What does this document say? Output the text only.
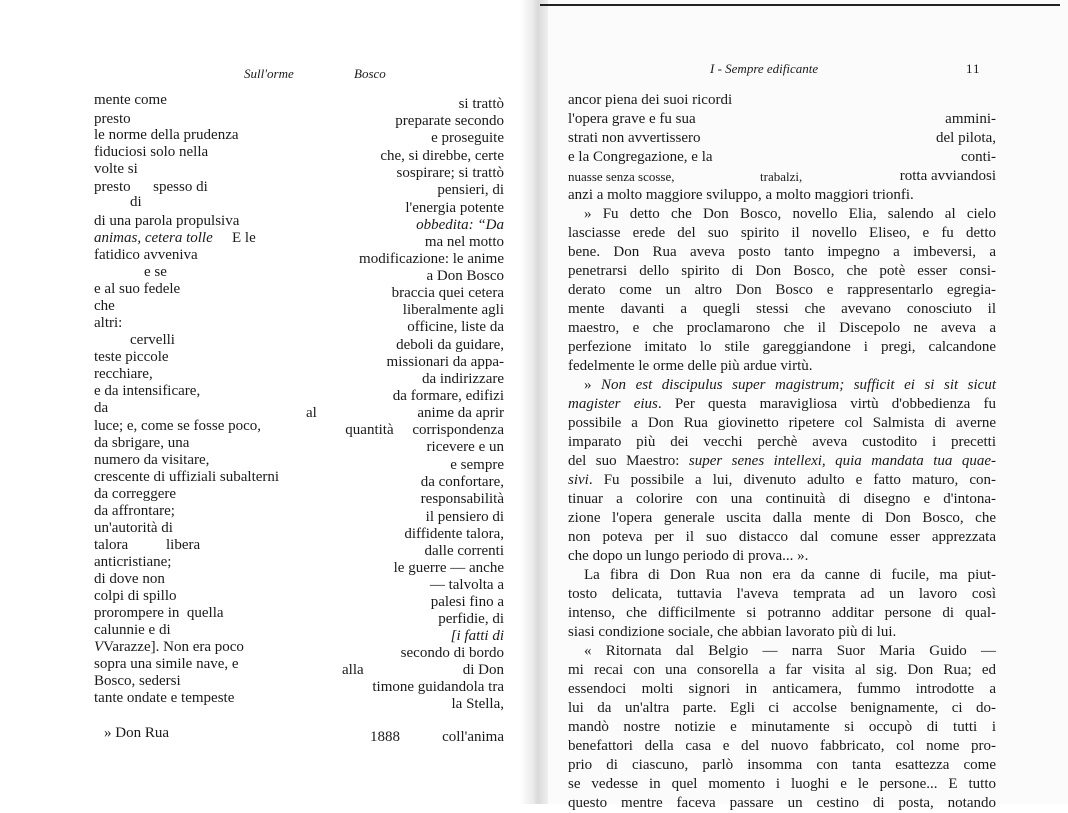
Sull'orme	Bosco
mente come
presto
le norme della prudenza
fiduciosi solo nella
volte si
presto      spesso di
di
di una parola propulsiva
animas, cetera tolle E le
fatidico avveniva
e se
e al suo fedele
che
altri:
cervelli
teste piccole
recchiare,
e da intensificare,
da
luce; e, come se fosse poco,
da sbrigare, una
numero da visitare,
crescente di uffiziali subalterni
da correggere
da affrontare;
un'autorità di
talora	libera
anticristiane;
di dove non
colpi di spillo
prorompere in  quella
calunnie e di
VVarazze]. Non era poco
sopra una simile nave, e
Bosco, sedersi
tante ondate e tempeste
» Don Rua
si trattò
preparate secondo
e proseguite
che, si direbbe, certe
sospirare; si trattò
pensieri, di
l'energia potente
obbedita: “Da
ma nel motto
modificazione: le anime
a Don Bosco
braccia quei cetera
liberalmente agli
officine, liste da
deboli da guidare,
missionari da appa-
da indirizzare
da formare, edifizi
al	anime da aprir
quantità     corrispondenza
ricevere e un
e sempre
da confortare,
responsabilità
il pensiero di
diffidente talora,
dalle correnti
le guerre — anche
— talvolta a
palesi fino a
perfidie, di
[i fatti di
secondo di bordo
alla	di Don
timone guidandola tra
la Stella,
1888	coll'anima
I - Sempre edificante	11
ancor piena dei suoi ricordi
l'opera grave e fu sua	ammini-
strati non avvertissero	del pilota,
e la Congregazione, e la	conti-
nuasse senza scosse,	trabalzi,	rotta avviandosi
anzi a molto maggiore sviluppo, a molto maggiori trionfi.
» Fu detto che Don Bosco, novello Elia, salendo al cielo
lasciasse erede del suo spirito il novello Eliseo, e fu detto
bene. Don Rua aveva posto tanto impegno a imbeversi, a
penetrarsi dello spirito di Don Bosco, che potè esser consi-
derato come un altro Don Bosco e rappresentarlo egregia-
mente davanti a quegli stessi che avevano conosciuto il
maestro, e che proclamarono che il Discepolo ne aveva a
perfezione imitato lo stile gareggiandone i pregi, calcandone
fedelmente le orme delle più ardue virtù.
» Non est discipulus super magistrum; sufficit ei si sit sicut
magister eius. Per questa maravigliosa virtù d'obbedienza fu
possibile a Don Rua giovinetto ripetere col Salmista di averne
imparato più dei vecchi perchè aveva custodito i precetti
del suo Maestro: super senes intellexi, quia mandata tua quae-
sivi. Fu possibile a lui, divenuto adulto e fatto maturo, con-
tinuar a colorire con una continuità di disegno e d'intona-
zione l'opera generale uscita dalla mente di Don Bosco, che
non poteva per il suo distacco dal comune esser apprezzata
che dopo un lungo periodo di prova... ».
La fibra di Don Rua non era da canne di fucile, ma piut-
tosto delicata, tuttavia l'aveva temprata ad un lavoro così
intenso, che difficilmente si potranno additar persone di qual-
siasi condizione sociale, che abbian lavorato più di lui.
« Ritornata dal Belgio — narra Suor Maria Guido —
mi recai con una consorella a far visita al sig. Don Rua; ed
essendoci molti signori in anticamera, fummo introdotte a
lui da un'altra parte. Egli ci accolse benignamente, ci do-
mandò nostre notizie e minutamente si occupò di tutti i
benefattori della casa e del nuovo fabbricato, col nome pro-
prio di ciascuno, parlò insomma con tanta esattezza come
se vedesse in quel momento i luoghi e le persone... E tutto
questo mentre faceva passare un cestino di posta, notando
